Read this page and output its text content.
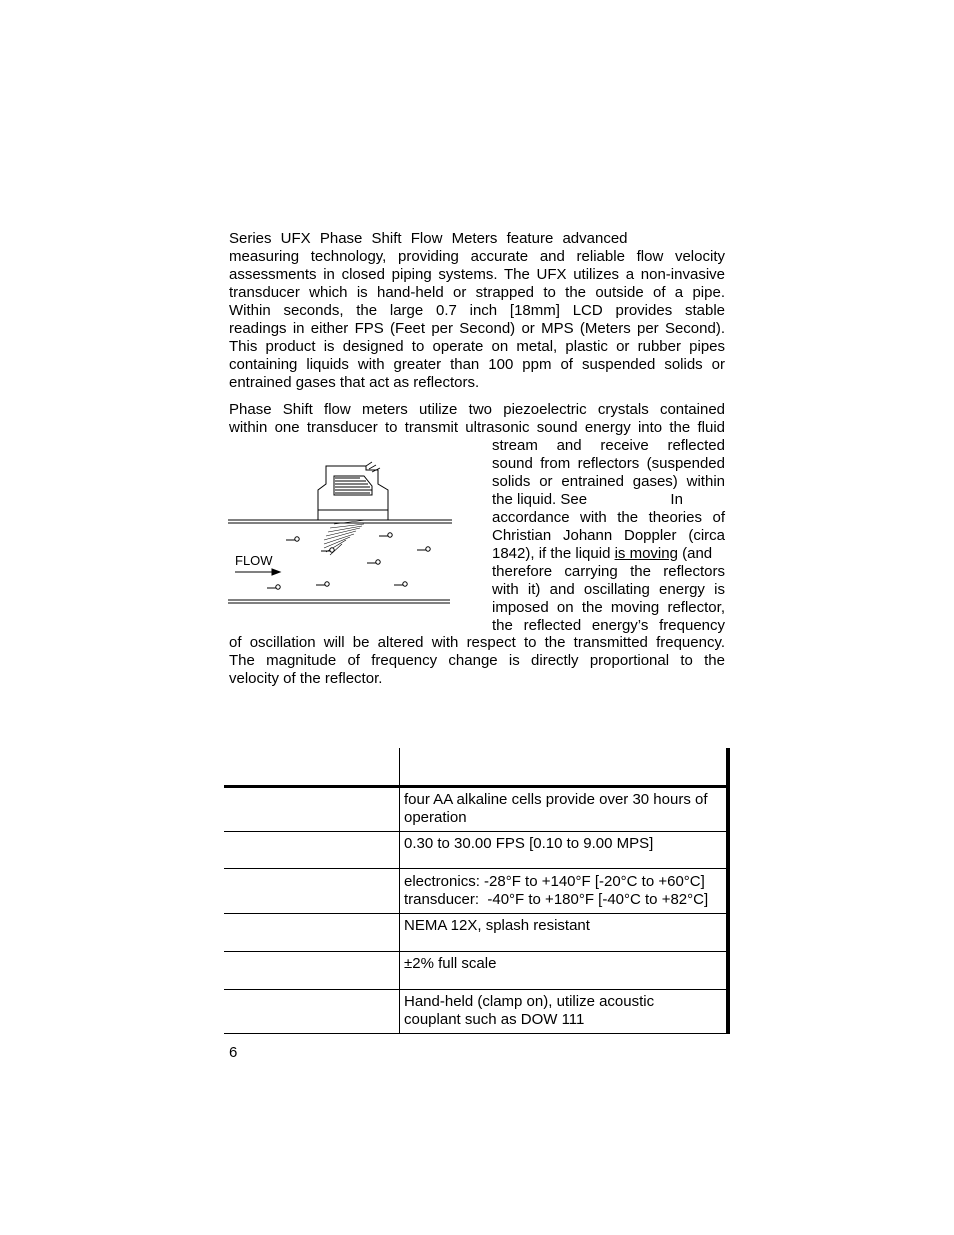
Series UFX Phase Shift Flow Meters feature advanced
measuring technology, providing accurate and reliable flow velocity
assessments in closed piping systems. The UFX utilizes a non-invasive
transducer which is hand-held or strapped to the outside of a pipe.
Within seconds, the large 0.7 inch [18mm] LCD provides stable
readings in either FPS (Feet per Second) or MPS (Meters per Second).
This product is designed to operate on metal, plastic or rubber pipes
containing liquids with greater than 100 ppm of suspended solids or
entrained gases that act as reflectors.
Phase Shift flow meters utilize two piezoelectric crystals contained
within one transducer to transmit ultrasonic sound energy into the fluid
stream and receive reflected
sound from reflectors (suspended
solids or entrained gases) within
the liquid. See                    In
accordance with the theories of
Christian Johann Doppler (circa
1842), if the liquid is moving (and
therefore carrying the reflectors
with it) and oscillating energy is
imposed on the moving reflector,
the reflected energy’s frequency
of oscillation will be altered with respect to the transmitted frequency.
The magnitude of frequency change is directly proportional to the
velocity of the reflector.
FLOW

	four AA alkaline cells provide over 30 hours of
operation

	0.30 to 30.00 FPS [0.10 to 9.00 MPS]

	electronics: -28°F to +140°F [-20°C to +60°C]
transducer:  -40°F to +180°F [-40°C to +82°C]

	NEMA 12X, splash resistant

	±2% full scale

	Hand-held (clamp on), utilize acoustic
couplant such as DOW 111
6
